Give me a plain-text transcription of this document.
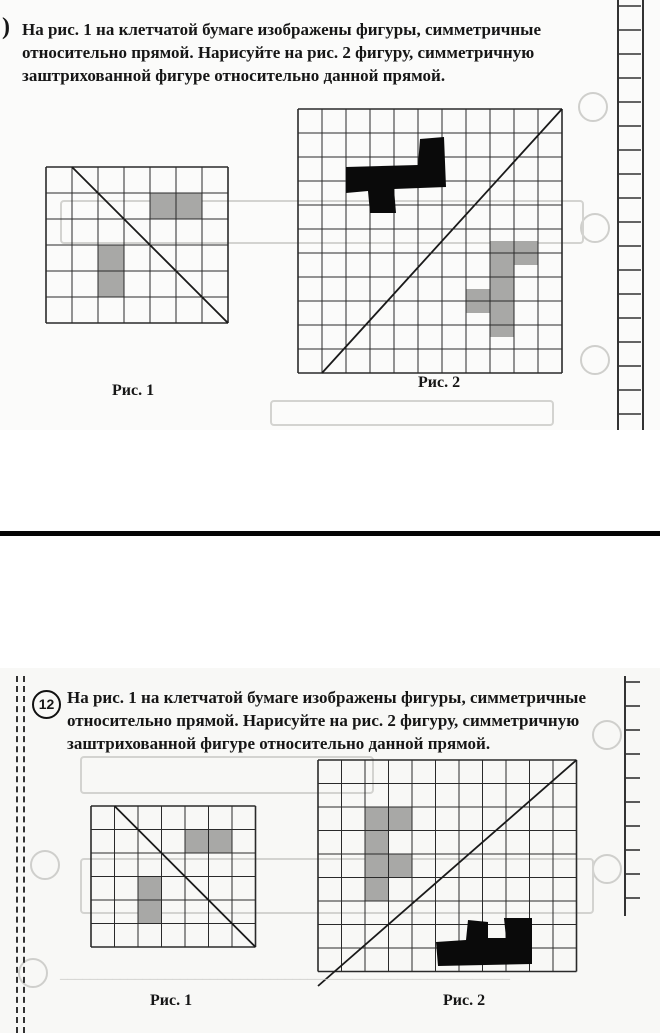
) На рис. 1 на клетчатой бумаге изображены фигуры, симметричные
относительно прямой. Нарисуйте на рис. 2 фигуру, симметричную
заштрихованной фигуре относительно данной прямой.
Рис. 1	Рис. 2
12 На рис. 1 на клетчатой бумаге изображены фигуры, симметричные
относительно прямой. Нарисуйте на рис. 2 фигуру, симметричную
заштрихованной фигуре относительно данной прямой.
Рис. 1	Рис. 2
____________________________________________________________
